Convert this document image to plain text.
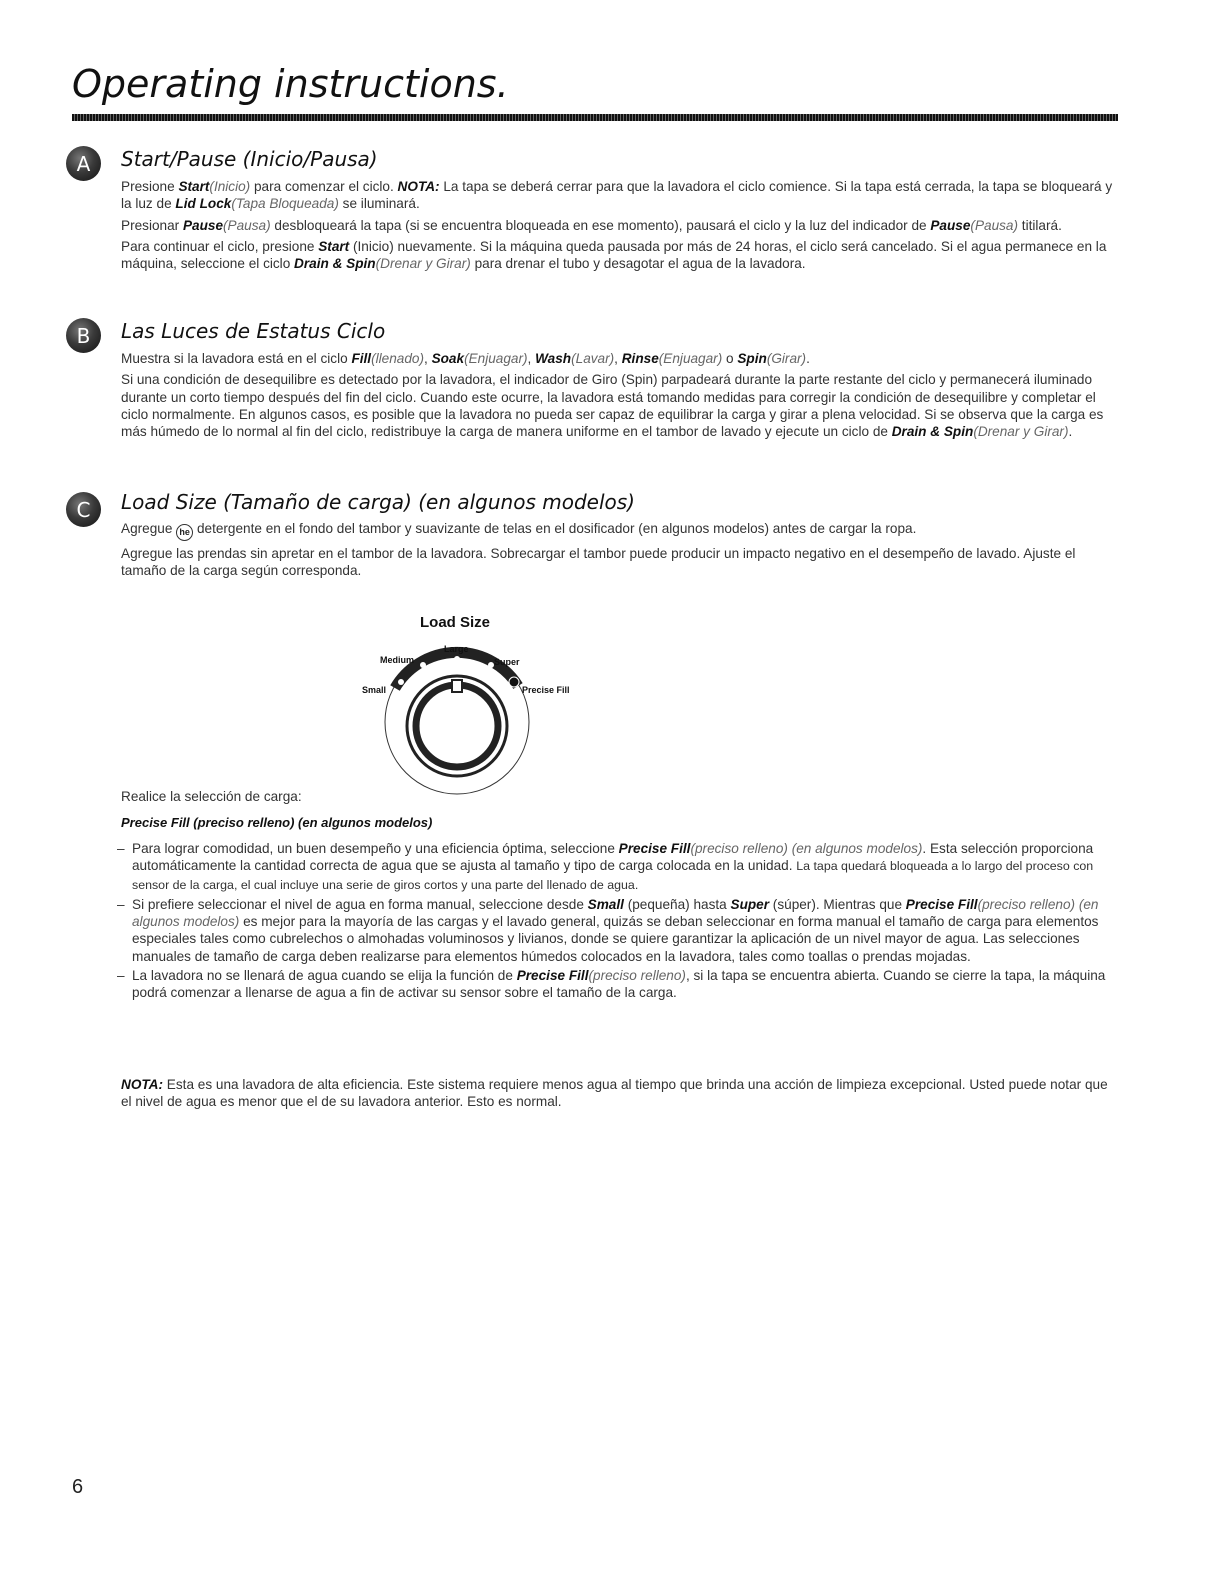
Operating instructions.
A	Start/Pause (Inicio/Pausa)

Presione Start(Inicio) para comenzar el ciclo. NOTA: La tapa se deberá cerrar para que la lavadora el ciclo comience. Si la tapa está cerrada, la tapa se bloqueará y la luz de Lid Lock(Tapa Bloqueada) se iluminará.

Presionar Pause(Pausa) desbloqueará la tapa (si se encuentra bloqueada en ese momento), pausará el ciclo y la luz del indicador de Pause(Pausa) titilará.

Para continuar el ciclo, presione Start (Inicio) nuevamente. Si la máquina queda pausada por más de 24 horas, el ciclo será cancelado. Si el agua permanece en la máquina, seleccione el ciclo Drain & Spin(Drenar y Girar) para drenar el tubo y desagotar el agua de la lavadora.

B	Las Luces de Estatus Ciclo

Muestra si la lavadora está en el ciclo Fill(llenado), Soak(Enjuagar), Wash(Lavar), Rinse(Enjuagar) o Spin(Girar).

Si una condición de desequilibre es detectado por la lavadora, el indicador de Giro (Spin) parpadeará durante la parte restante del ciclo y permanecerá iluminado durante un corto tiempo después del fin del ciclo. Cuando este ocurre, la lavadora está tomando medidas para corregir la condición de desequilibre y completar el ciclo normalmente. En algunos casos, es posible que la lavadora no pueda ser capaz de equilibrar la carga y girar a plena velocidad. Si se observa que la carga es más húmedo de lo normal al fin del ciclo, redistribuye la carga de manera uniforme en el tambor de lavado y ejecute un ciclo de Drain & Spin(Drenar y Girar).

C	Load Size (Tamaño de carga) (en algunos modelos)

Agregue he detergente en el fondo del tambor y suavizante de telas en el dosificador (en algunos modelos) antes de cargar la ropa.

Agregue las prendas sin apretar en el tambor de la lavadora. Sobrecargar el tambor puede producir un impacto negativo en el desempeño de lavado. Ajuste el tamaño de la carga según corresponda.

Load Size
Small
Medium
Large
Super
Precise Fill
Realice la selección de carga:
Precise Fill (preciso relleno) (en algunos modelos)
– Para lograr comodidad, un buen desempeño y una eficiencia óptima, seleccione Precise Fill(preciso relleno) (en algunos modelos). Esta selección proporciona automáticamente la cantidad correcta de agua que se ajusta al tamaño y tipo de carga colocada en la unidad. La tapa quedará bloqueada a lo largo del proceso con sensor de la carga, el cual incluye una serie de giros cortos y una parte del llenado de agua.
– Si prefiere seleccionar el nivel de agua en forma manual, seleccione desde Small (pequeña) hasta Super (súper). Mientras que Precise Fill(preciso relleno) (en algunos modelos) es mejor para la mayoría de las cargas y el lavado general, quizás se deban seleccionar en forma manual el tamaño de carga para elementos especiales tales como cubrelechos o almohadas voluminosos y livianos, donde se quiere garantizar la aplicación de un nivel mayor de agua. Las selecciones manuales de tamaño de carga deben realizarse para elementos húmedos colocados en la lavadora, tales como toallas o prendas mojadas.
– La lavadora no se llenará de agua cuando se elija la función de Precise Fill(preciso relleno), si la tapa se encuentra abierta. Cuando se cierre la tapa, la máquina podrá comenzar a llenarse de agua a fin de activar su sensor sobre el tamaño de la carga.
NOTA: Esta es una lavadora de alta eficiencia. Este sistema requiere menos agua al tiempo que brinda una acción de limpieza excepcional. Usted puede notar que el nivel de agua es menor que el de su lavadora anterior. Esto es normal.
6
